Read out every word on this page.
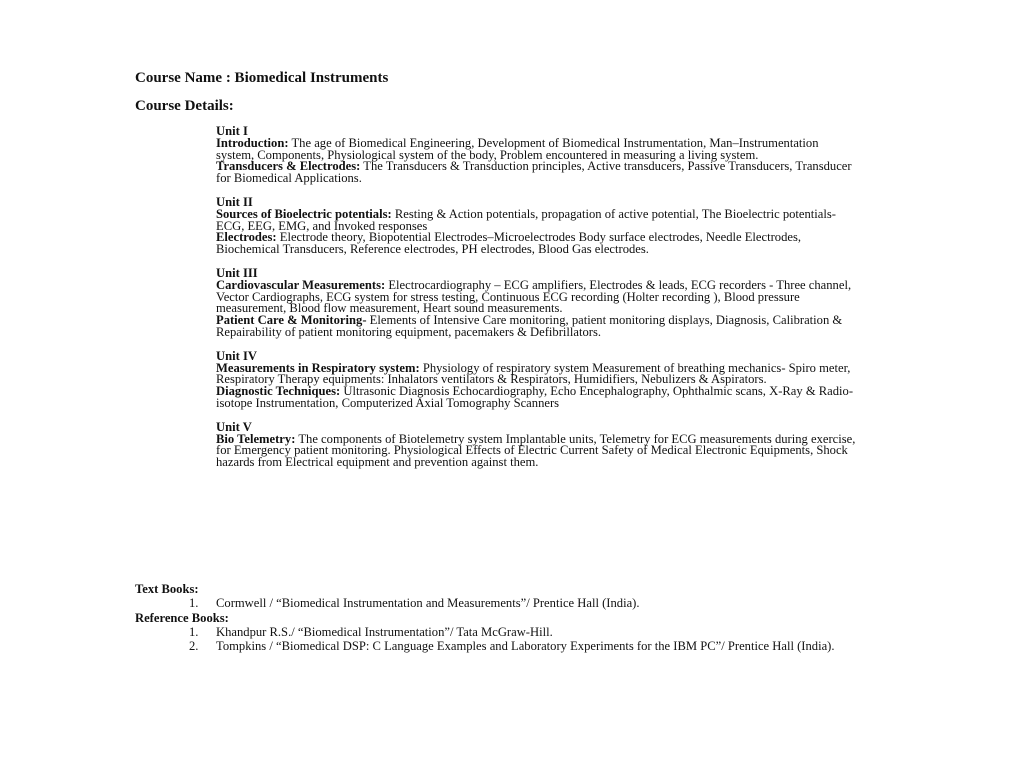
Course Name : Biomedical Instruments
Course Details:
Unit I
Introduction: The age of Biomedical Engineering, Development of Biomedical Instrumentation, Man–Instrumentation system, Components, Physiological system of the body, Problem encountered in measuring a living system.
Transducers & Electrodes: The Transducers & Transduction principles, Active transducers, Passive Transducers, Transducer for Biomedical Applications.
Unit II
Sources of Bioelectric potentials: Resting & Action potentials, propagation of active potential, The Bioelectric potentials-ECG, EEG, EMG, and Invoked responses
Electrodes: Electrode theory, Biopotential Electrodes–Microelectrodes Body surface electrodes, Needle Electrodes, Biochemical Transducers, Reference electrodes, PH electrodes, Blood Gas electrodes.
Unit III
Cardiovascular Measurements: Electrocardiography – ECG amplifiers, Electrodes & leads, ECG recorders - Three channel, Vector Cardiographs, ECG system for stress testing, Continuous ECG recording (Holter recording ), Blood pressure measurement, Blood flow measurement, Heart sound measurements.
Patient Care & Monitoring- Elements of Intensive Care monitoring, patient monitoring displays, Diagnosis, Calibration & Repairability of patient monitoring equipment, pacemakers & Defibrillators.
Unit IV
Measurements in Respiratory system: Physiology of respiratory system Measurement of breathing mechanics- Spiro meter, Respiratory Therapy equipments: Inhalators ventilators & Respirators, Humidifiers, Nebulizers & Aspirators.
Diagnostic Techniques: Ultrasonic Diagnosis Echocardiography, Echo Encephalography, Ophthalmic scans, X-Ray & Radio-isotope Instrumentation, Computerized Axial Tomography Scanners
Unit V
Bio Telemetry: The components of Biotelemetry system Implantable units, Telemetry for ECG measurements during exercise, for Emergency patient monitoring. Physiological Effects of Electric Current Safety of Medical Electronic Equipments, Shock hazards from Electrical equipment and prevention against them.
Text Books:
1. Cormwell / “Biomedical Instrumentation and Measurements”/ Prentice Hall (India).
Reference Books:
1. Khandpur R.S./ “Biomedical Instrumentation”/ Tata McGraw-Hill.
2. Tompkins / “Biomedical DSP: C Language Examples and Laboratory Experiments for the IBM PC”/ Prentice Hall (India).
